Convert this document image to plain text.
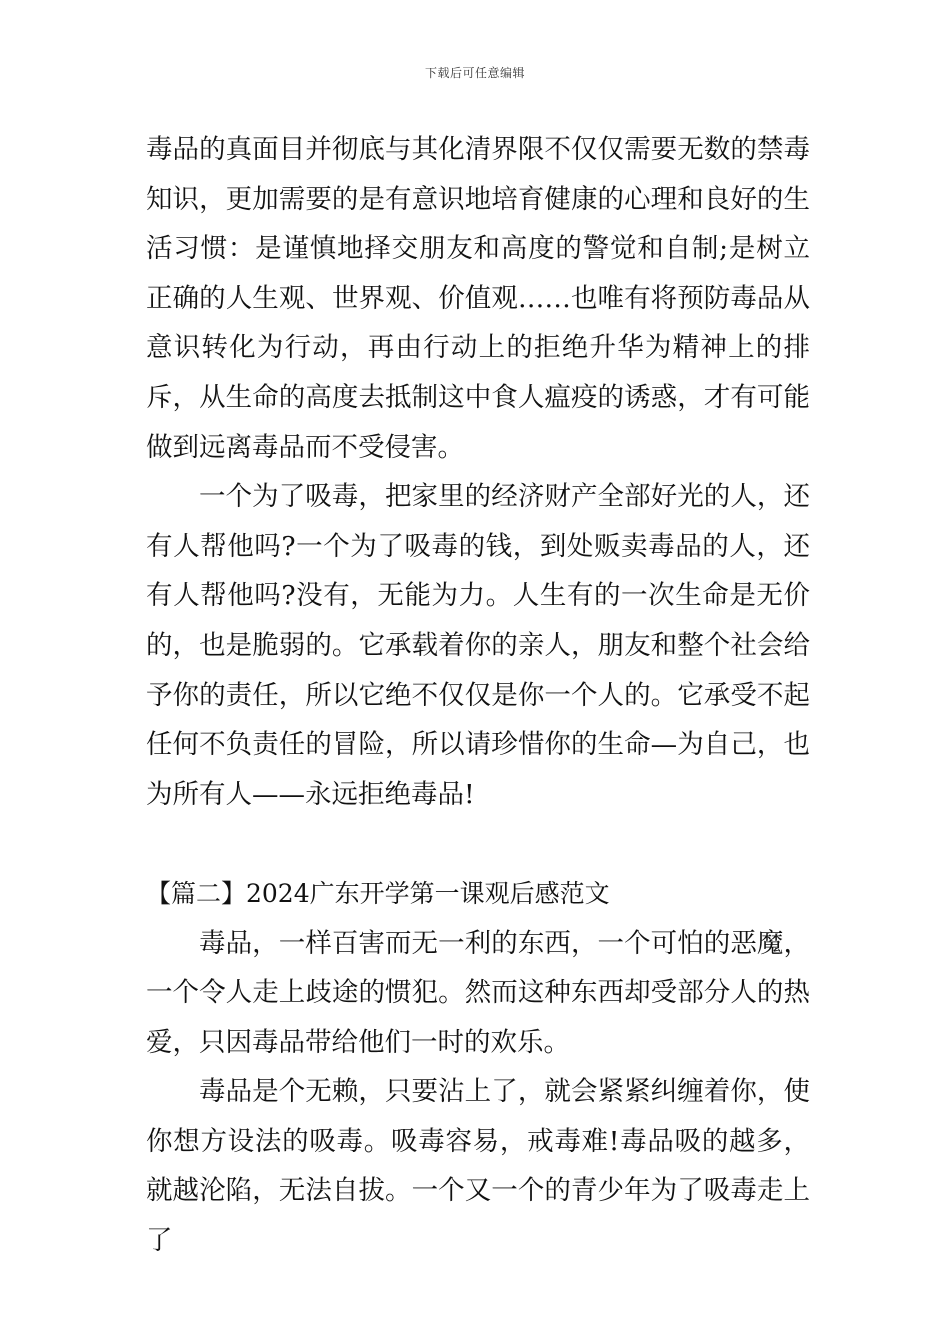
下载后可任意编辑

毒品的真面目并彻底与其化清界限不仅仅需要无数的禁毒知识，更加需要的是有意识地培育健康的心理和良好的生活习惯：是谨慎地择交朋友和高度的警觉和自制;是树立正确的人生观、世界观、价值观……也唯有将预防毒品从意识转化为行动，再由行动上的拒绝升华为精神上的排斥，从生命的高度去抵制这中食人瘟疫的诱惑，才有可能做到远离毒品而不受侵害。

一个为了吸毒，把家里的经济财产全部好光的人，还有人帮他吗?一个为了吸毒的钱，到处贩卖毒品的人，还有人帮他吗?没有，无能为力。人生有的一次生命是无价的，也是脆弱的。它承载着你的亲人，朋友和整个社会给予你的责任，所以它绝不仅仅是你一个人的。它承受不起任何不负责任的冒险，所以请珍惜你的生命—为自己，也为所有人——永远拒绝毒品!

【篇二】2024广东开学第一课观后感范文

毒品，一样百害而无一利的东西，一个可怕的恶魔，一个令人走上歧途的惯犯。然而这种东西却受部分人的热爱，只因毒品带给他们一时的欢乐。

毒品是个无赖，只要沾上了，就会紧紧纠缠着你，使你想方设法的吸毒。吸毒容易，戒毒难!毒品吸的越多，就越沦陷，无法自拔。一个又一个的青少年为了吸毒走上了
